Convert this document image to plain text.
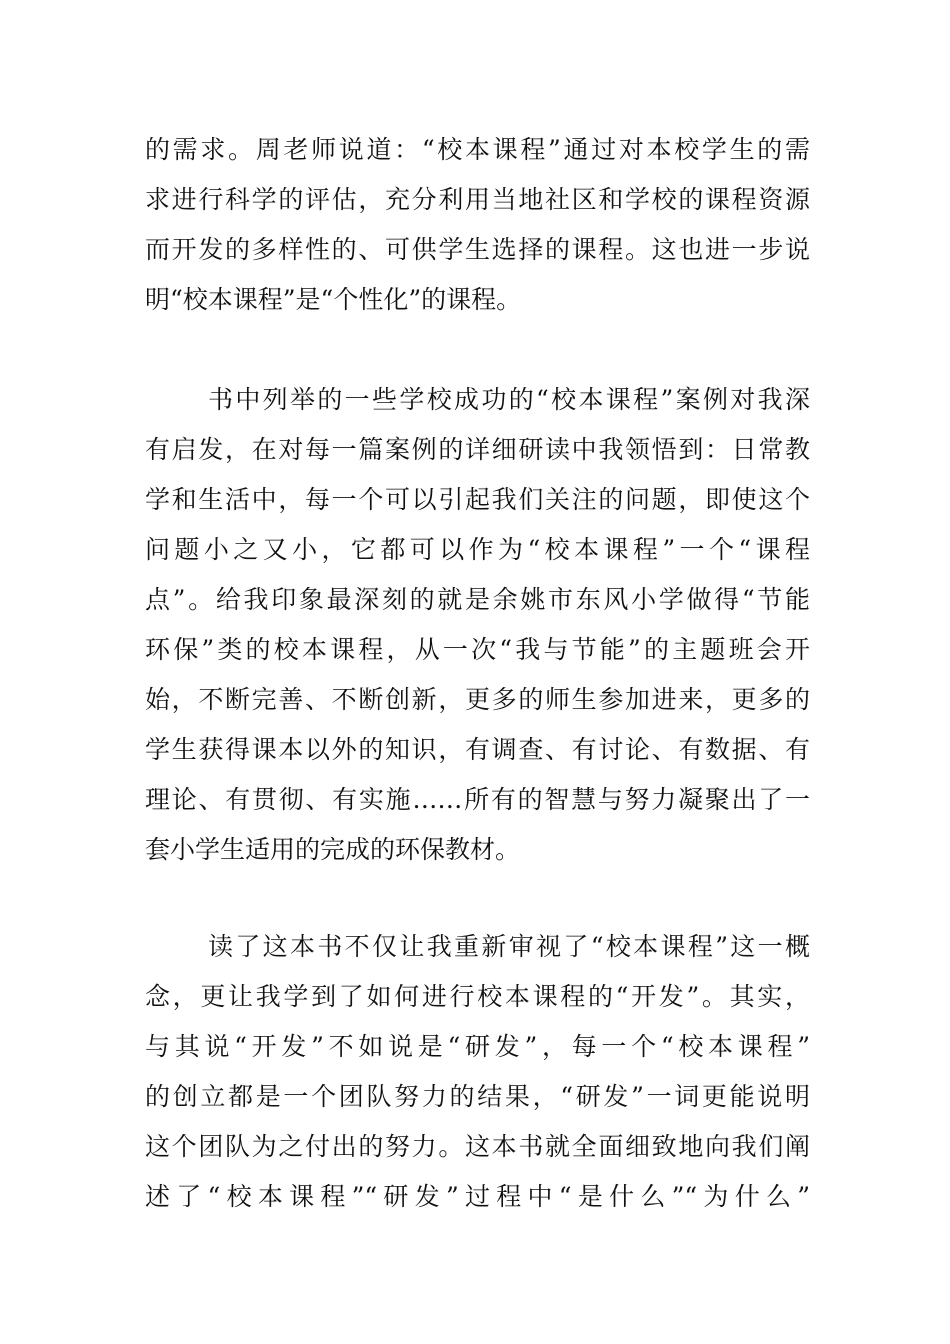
的需求。周老师说道：“校本课程”通过对本校学生的需
求进行科学的评估，充分利用当地社区和学校的课程资源
而开发的多样性的、可供学生选择的课程。这也进一步说
明“校本课程”是“个性化”的课程。
书中列举的一些学校成功的“校本课程”案例对我深
有启发，在对每一篇案例的详细研读中我领悟到：日常教
学和生活中，每一个可以引起我们关注的问题，即使这个
问题小之又小，它都可以作为“校本课程”一个“课程
点”。给我印象最深刻的就是余姚市东风小学做得“节能
环保”类的校本课程，从一次“我与节能”的主题班会开
始，不断完善、不断创新，更多的师生参加进来，更多的
学生获得课本以外的知识，有调查、有讨论、有数据、有
理论、有贯彻、有实施……所有的智慧与努力凝聚出了一
套小学生适用的完成的环保教材。
读了这本书不仅让我重新审视了“校本课程”这一概
念，更让我学到了如何进行校本课程的“开发”。其实，
与其说“开发”不如说是“研发”，每一个“校本课程”
的创立都是一个团队努力的结果，“研发”一词更能说明
这个团队为之付出的努力。这本书就全面细致地向我们阐
述了“校本课程”“研发”过程中“是什么”“为什么”
